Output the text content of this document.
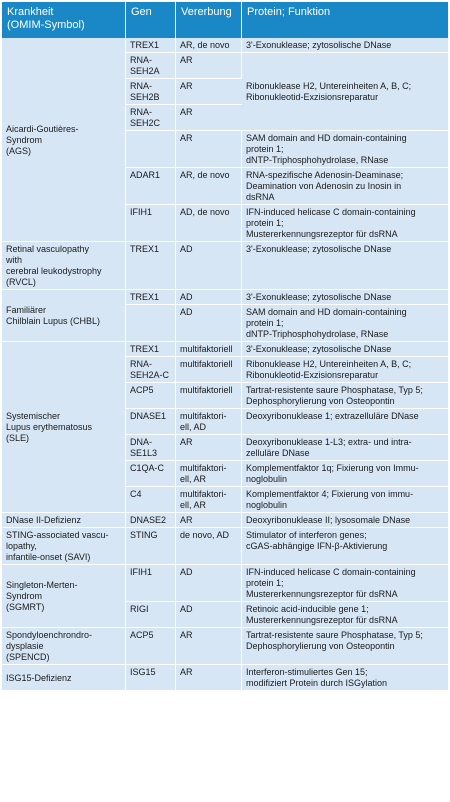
Krankheit
(OMIM-Symbol)	Gen	Vererbung	Protein; Funktion
Aicardi-Goutières-
Syndrom
(AGS)	TREX1	AR, de novo	3'-Exonuklease; zytosolische DNase
	RNA-
SEH2A	AR	Ribonuklease H2, Untereinheiten A, B, C;
Ribonukleotid-Exzisionsreparatur
	RNA-
SEH2B	AR	
	RNA-
SEH2C	AR	
		AR	SAM domain and HD domain-containing
protein 1;
dNTP-Triphosphohydrolase, RNase
	ADAR1	AR, de novo	RNA-spezifische Adenosin-Deaminase;
Deamination von Adenosin zu Inosin in
dsRNA
	IFIH1	AD, de novo	IFN-induced helicase C domain-containing
protein 1;
Mustererkennungsrezeptor für dsRNA
Retinal vasculopathy
with
cerebral leukodystrophy
(RVCL)	TREX1	AD	3'-Exonuklease; zytosolische DNase
Familiärer
Chilblain Lupus (CHBL)	TREX1	AD	3'-Exonuklease; zytosolische DNase
		AD	SAM domain and HD domain-containing
protein 1;
dNTP-Triphosphohydrolase, RNase
Systemischer
Lupus erythematosus
(SLE)	TREX1	multifaktoriell	3'-Exonuklease; zytosolische DNase
	RNA-
SEH2A-C	multifaktoriell	Ribonuklease H2, Untereinheiten A, B, C;
Ribonukleotid-Exzisionsreparatur
	ACP5	multifaktoriell	Tartrat-resistente saure Phosphatase, Typ 5;
Dephosphorylierung von Osteopontin
	DNASE1	multifaktori-
ell, AD	Deoxyribonuklease 1; extrazelluläre DNase
	DNA-
SE1L3	AR	Deoxyribonuklease 1-L3; extra- und intra-
zelluläre DNase
	C1QA-C	multifaktori-
ell, AR	Komplementfaktor 1q; Fixierung von Immu-
noglobulin
	C4	multifaktori-
ell, AR	Komplementfaktor 4; Fixierung von immu-
noglobulin
DNase II-Defizienz	DNASE2	AR	Deoxyribonuklease II; lysosomale DNase
STING-associated vascu-
lopathy,
infantile-onset (SAVI)	STING	de novo, AD	Stimulator of interferon genes;
cGAS-abhängige IFN-β-Aktivierung
Singleton-Merten-
Syndrom
(SGMRT)	IFIH1	AD	IFN-induced helicase C domain-containing
protein 1;
Mustererkennungsrezeptor für dsRNA
	RIGI	AD	Retinoic acid-inducible gene 1;
Mustererkennungsrezeptor für dsRNA
Spondyloenchrondro-
dysplasie
(SPENCD)	ACP5	AR	Tartrat-resistente saure Phosphatase, Typ 5;
Dephosphorylierung von Osteopontin
ISG15-Defizienz	ISG15	AR	Interferon-stimuliertes Gen 15;
modifiziert Protein durch ISGylation
